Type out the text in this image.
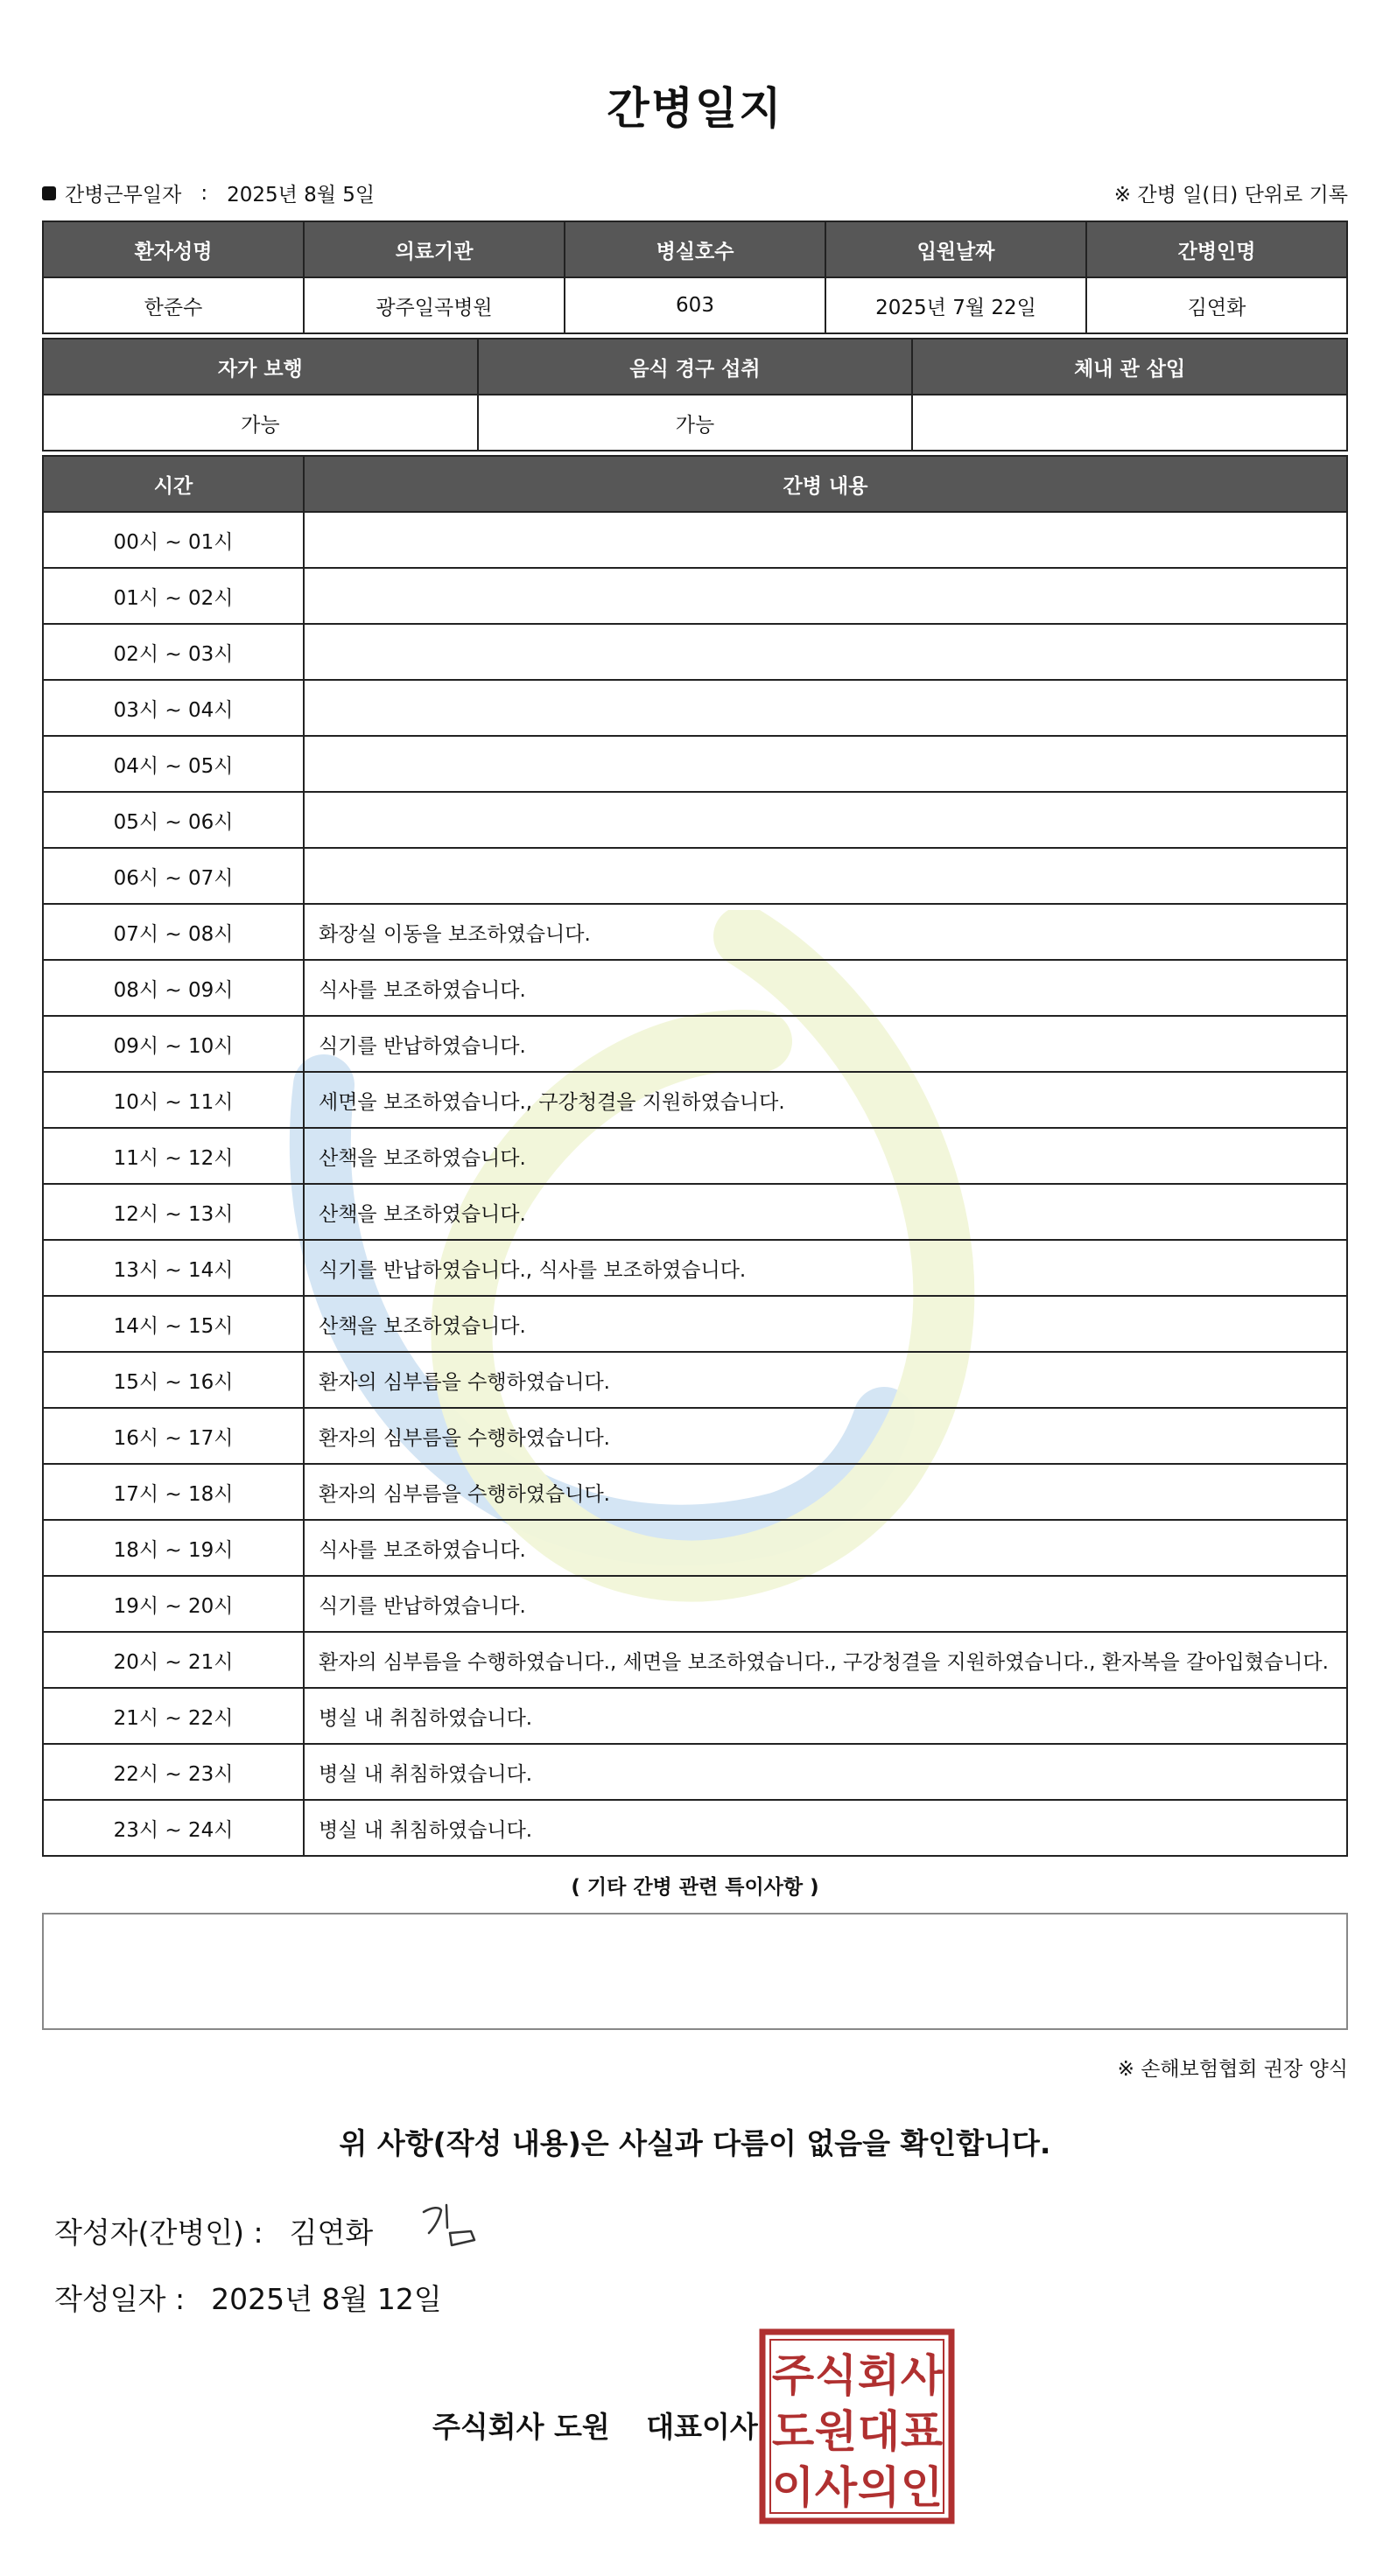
간병일지
간병근무일자 : 2025년 8월 5일	※ 간병 일(日) 단위로 기록
환자성명	의료기관	병실호수	입원날짜	간병인명
한준수	광주일곡병원	603	2025년 7월 22일	김연화
자가 보행	음식 경구 섭취	체내 관 삽입
가능	가능	
시간	간병 내용
00시 ~ 01시	
01시 ~ 02시	
02시 ~ 03시	
03시 ~ 04시	
04시 ~ 05시	
05시 ~ 06시	
06시 ~ 07시	
07시 ~ 08시	화장실 이동을 보조하였습니다.
08시 ~ 09시	식사를 보조하였습니다.
09시 ~ 10시	식기를 반납하였습니다.
10시 ~ 11시	세면을 보조하였습니다., 구강청결을 지원하였습니다.
11시 ~ 12시	산책을 보조하였습니다.
12시 ~ 13시	산책을 보조하였습니다.
13시 ~ 14시	식기를 반납하였습니다., 식사를 보조하였습니다.
14시 ~ 15시	산책을 보조하였습니다.
15시 ~ 16시	환자의 심부름을 수행하였습니다.
16시 ~ 17시	환자의 심부름을 수행하였습니다.
17시 ~ 18시	환자의 심부름을 수행하였습니다.
18시 ~ 19시	식사를 보조하였습니다.
19시 ~ 20시	식기를 반납하였습니다.
20시 ~ 21시	환자의 심부름을 수행하였습니다., 세면을 보조하였습니다., 구강청결을 지원하였습니다., 환자복을 갈아입혔습니다.
21시 ~ 22시	병실 내 취침하였습니다.
22시 ~ 23시	병실 내 취침하였습니다.
23시 ~ 24시	병실 내 취침하였습니다.
( 기타 간병 관련 특이사항 )
※ 손해보험협회 권장 양식
위 사항(작성 내용)은 사실과 다름이 없음을 확인합니다.
작성자(간병인) : 김연화
작성일자 : 2025년 8월 12일
주식회사 도원 대표이사
주 식 회 사
도 원 대 표
이 사 의 인
